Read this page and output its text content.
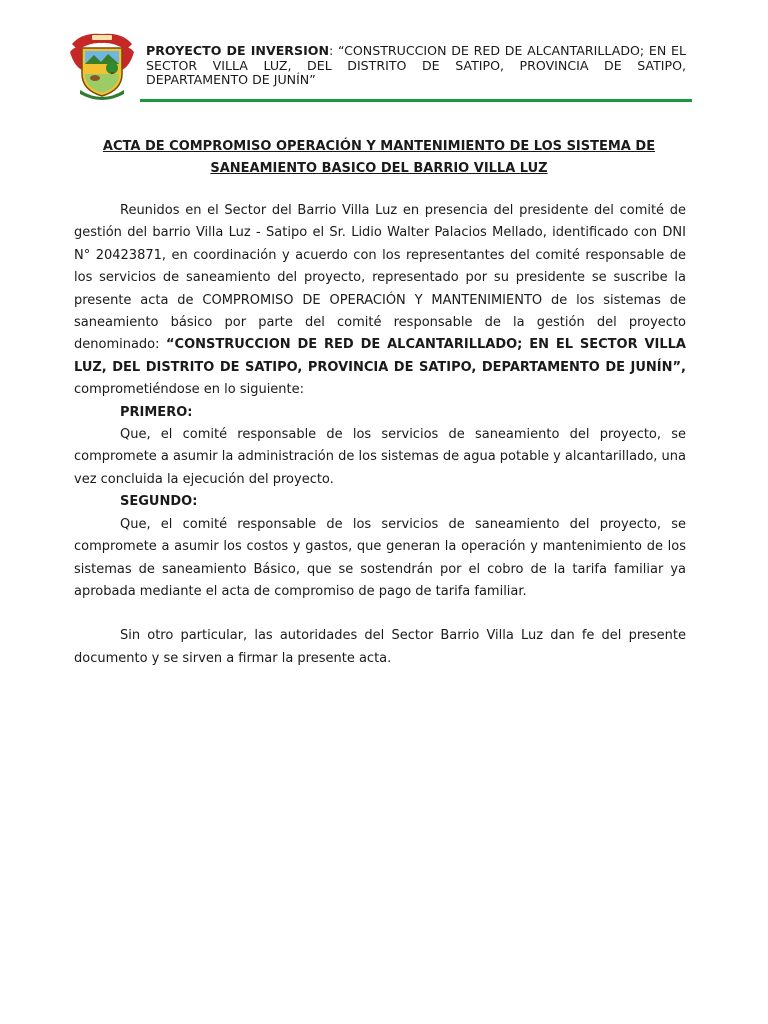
PROYECTO DE INVERSION: “CONSTRUCCION DE RED DE ALCANTARILLADO; EN EL SECTOR VILLA LUZ, DEL DISTRITO DE SATIPO, PROVINCIA DE SATIPO, DEPARTAMENTO DE JUNÍN”
ACTA DE COMPROMISO OPERACIÓN Y MANTENIMIENTO DE LOS SISTEMA DE
SANEAMIENTO BASICO DEL BARRIO VILLA LUZ

Reunidos en el Sector del Barrio Villa Luz en presencia del presidente del comité de gestión del barrio Villa Luz - Satipo el Sr. Lidio Walter Palacios Mellado, identificado con DNI N° 20423871, en coordinación y acuerdo con los representantes del comité responsable de los servicios de saneamiento del proyecto, representado por su presidente se suscribe la presente acta de COMPROMISO DE OPERACIÓN Y MANTENIMIENTO de los sistemas de saneamiento básico por parte del comité responsable de la gestión del proyecto denominado: “CONSTRUCCION DE RED DE ALCANTARILLADO; EN EL SECTOR VILLA LUZ, DEL DISTRITO DE SATIPO, PROVINCIA DE SATIPO, DEPARTAMENTO DE JUNÍN”, comprometiéndose en lo siguiente:

PRIMERO:

Que, el comité responsable de los servicios de saneamiento del proyecto, se compromete a asumir la administración de los sistemas de agua potable y alcantarillado, una vez concluida la ejecución del proyecto.

SEGUNDO:

Que, el comité responsable de los servicios de saneamiento del proyecto, se compromete a asumir los costos y gastos, que generan la operación y mantenimiento de los sistemas de saneamiento Básico, que se sostendrán por el cobro de la tarifa familiar ya aprobada mediante el acta de compromiso de pago de tarifa familiar.

Sin otro particular, las autoridades del Sector Barrio Villa Luz dan fe del presente documento y se sirven a firmar la presente acta.
